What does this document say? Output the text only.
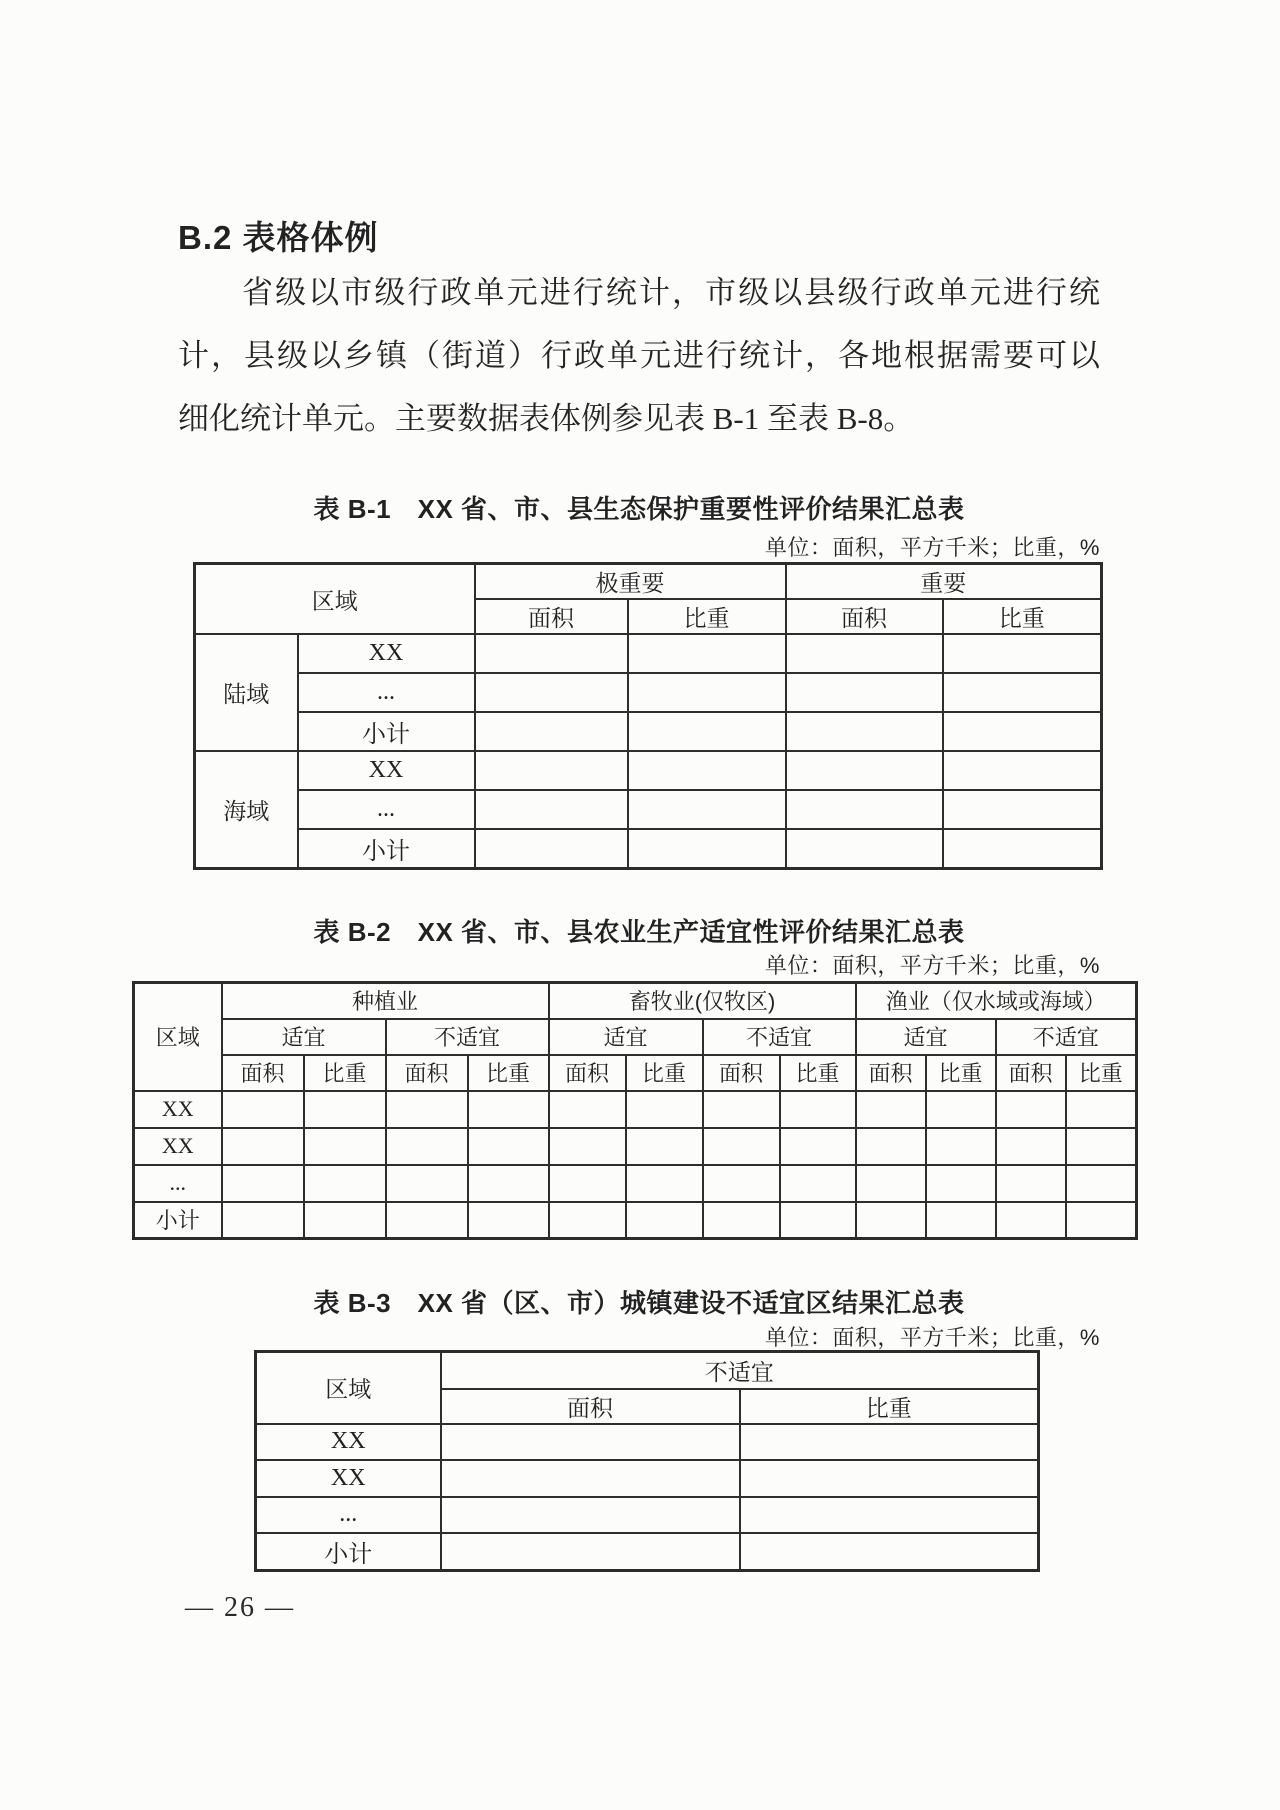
B.2 表格体例
省级以市级行政单元进行统计，市级以县级行政单元进行统
计，县级以乡镇（街道）行政单元进行统计，各地根据需要可以
细化统计单元。主要数据表体例参见表 B-1 至表 B-8。
表 B-1　XX 省、市、县生态保护重要性评价结果汇总表
单位：面积，平方千米；比重，%
区域		极重要		重要	
		面积	比重	面积	比重
陆域	XX				
	...				
	小计				
海域	XX				
	...				
	小计				
表 B-2　XX 省、市、县农业生产适宜性评价结果汇总表
单位：面积，平方千米；比重，%
区域	种植业				畜牧业(仅牧区)				渔业（仅水域或海域）			
	适宜		不适宜		适宜		不适宜		适宜		不适宜	
	面积	比重	面积	比重	面积	比重	面积	比重	面积	比重	面积	比重
XX												
XX												
...												
小计												
表 B-3　XX 省（区、市）城镇建设不适宜区结果汇总表
单位：面积，平方千米；比重，%
区域	不适宜	
	面积	比重
XX		
XX		
...		
小计		
— 26 —
